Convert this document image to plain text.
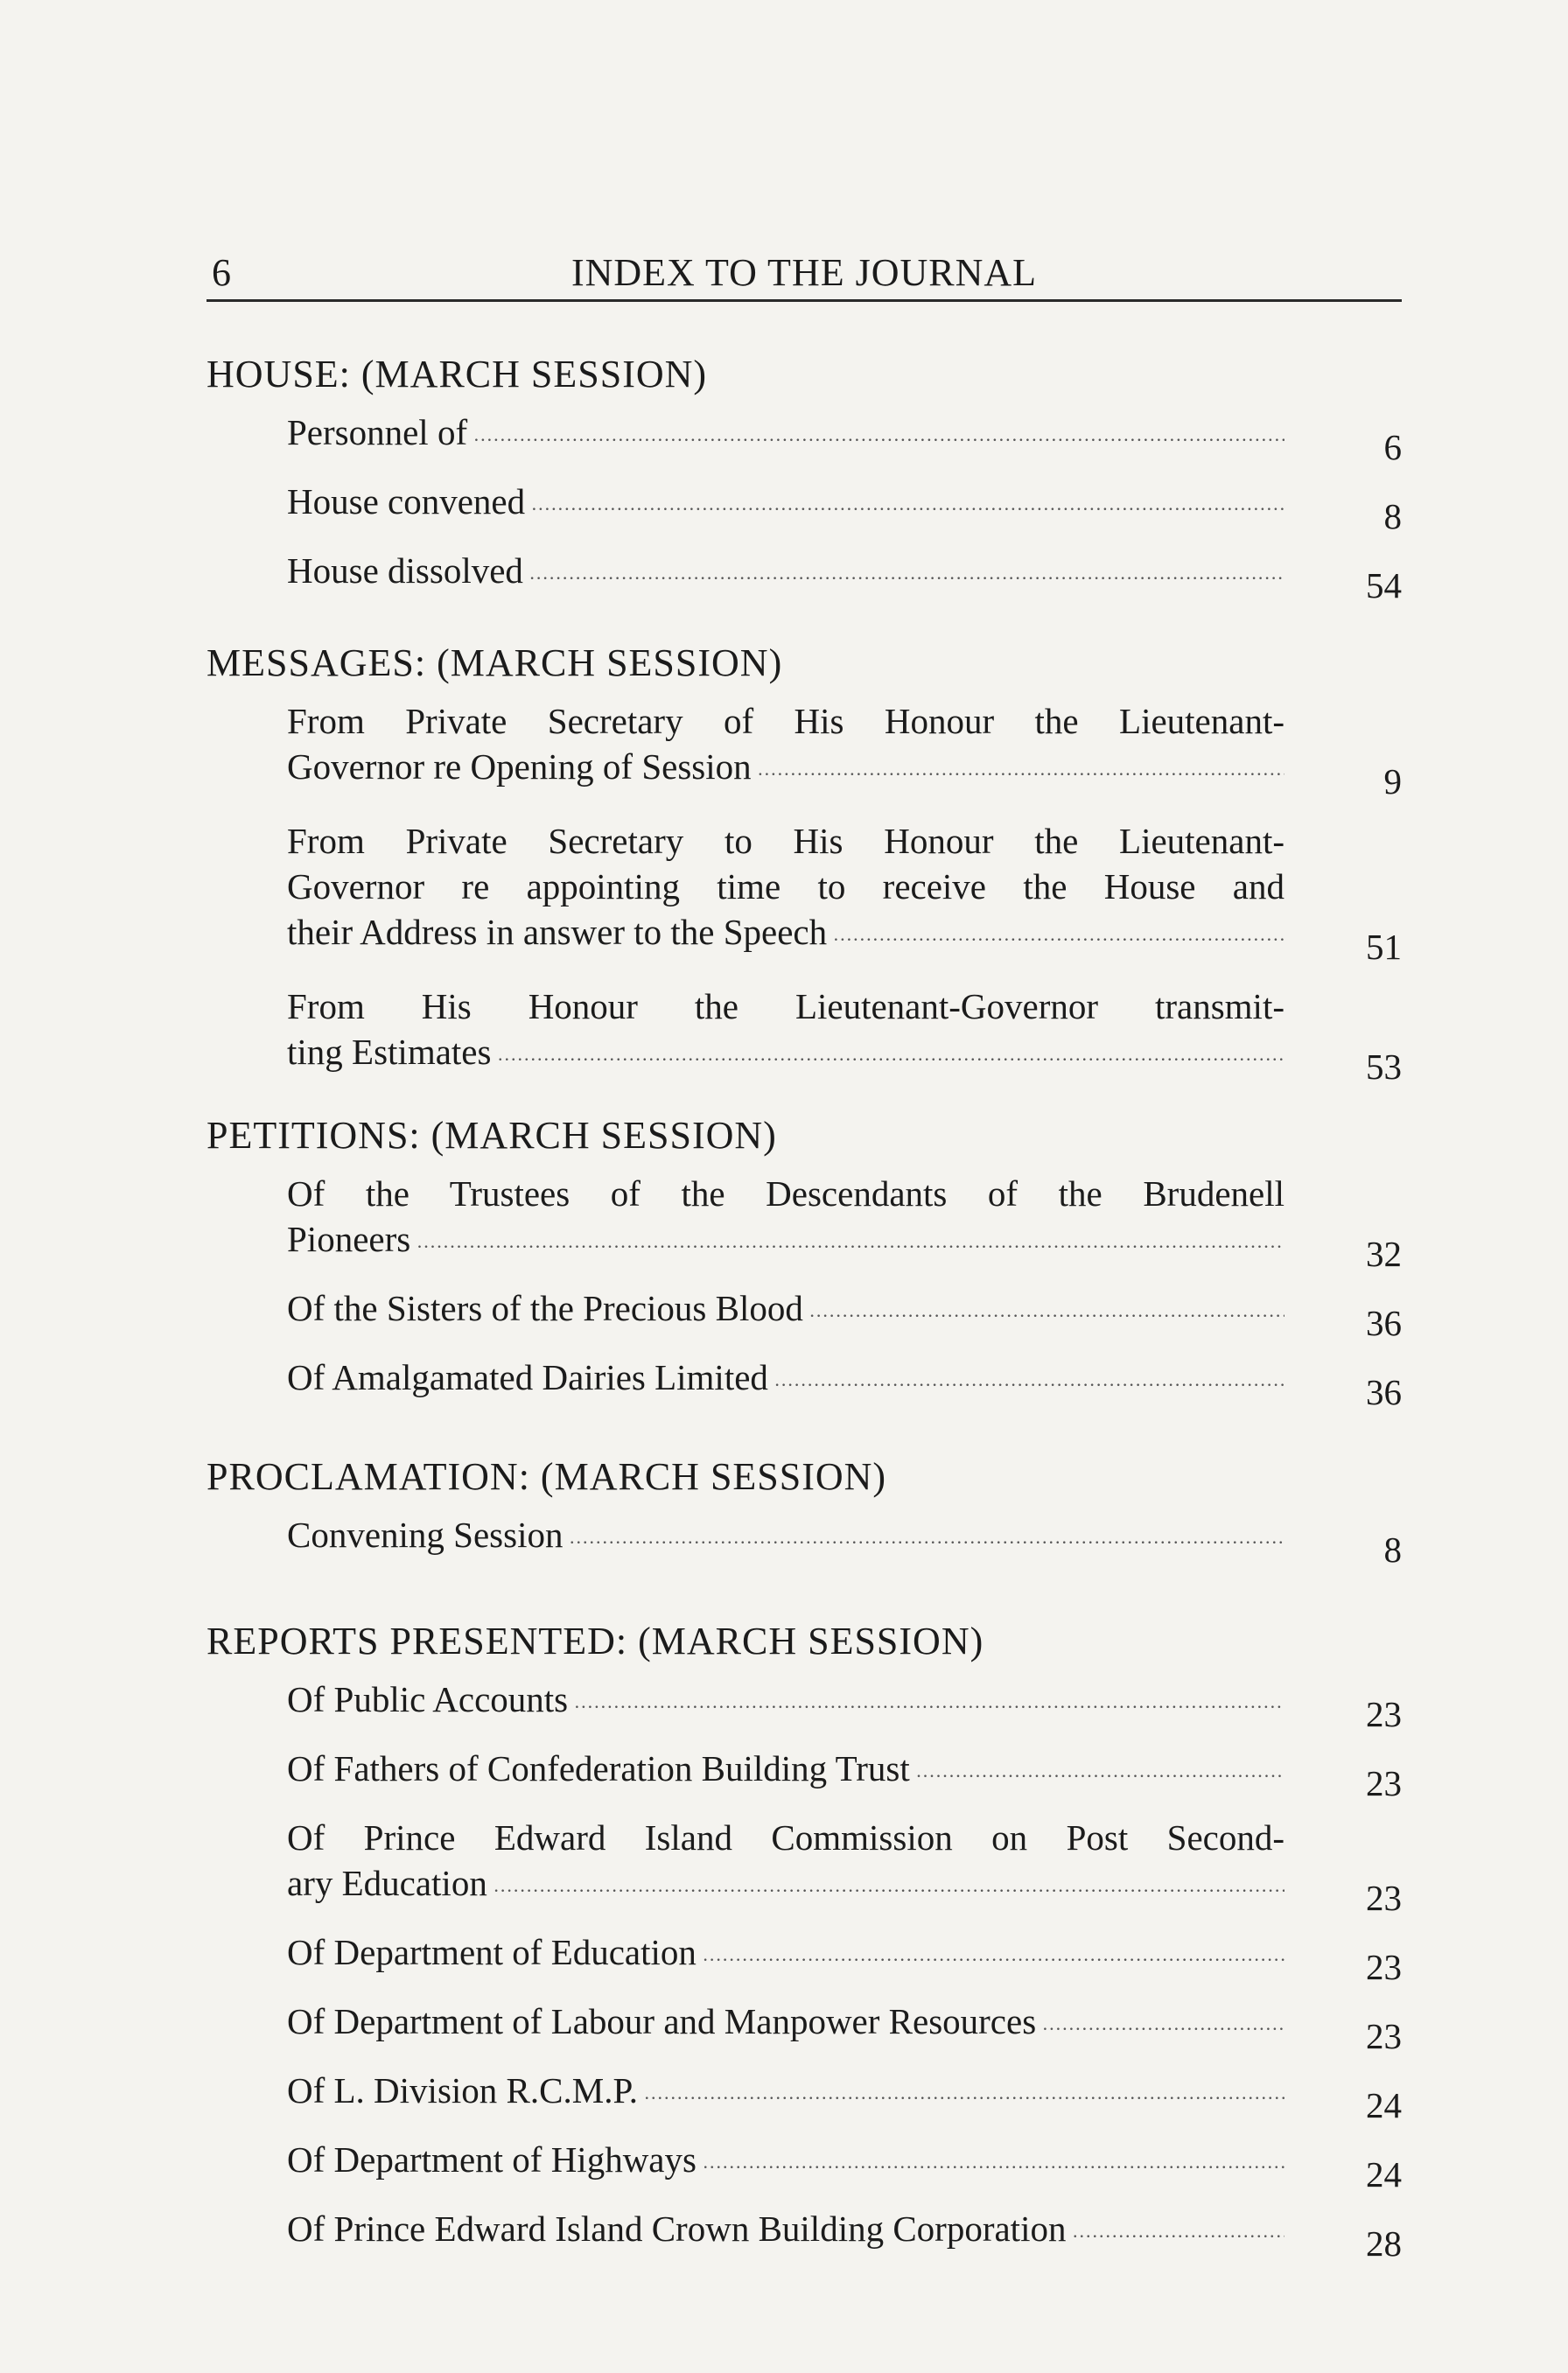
6	INDEX TO THE JOURNAL
HOUSE: (MARCH SESSION)
Personnel of .....	6
House convened .....	8
House dissolved .....	54
MESSAGES: (MARCH SESSION)
From Private Secretary of His Honour the Lieutenant-
Governor re Opening of Session .....	9
From Private Secretary to His Honour the Lieutenant-
Governor re appointing time to receive the House and
their Address in answer to the Speech .....	51
From His Honour the Lieutenant-Governor transmit-
ting Estimates .....	53
PETITIONS: (MARCH SESSION)
Of the Trustees of the Descendants of the Brudenell
Pioneers .....	32
Of the Sisters of the Precious Blood .....	36
Of Amalgamated Dairies Limited .....	36
PROCLAMATION: (MARCH SESSION)
Convening Session .....	8
REPORTS PRESENTED: (MARCH SESSION)
Of Public Accounts .....	23
Of Fathers of Confederation Building Trust .....	23
Of Prince Edward Island Commission on Post Second-
ary Education .....	23
Of Department of Education .....	23
Of Department of Labour and Manpower Resources .....	23
Of L. Division R.C.M.P. .....	24
Of Department of Highways .....	24
Of Prince Edward Island Crown Building Corporation .....	28
